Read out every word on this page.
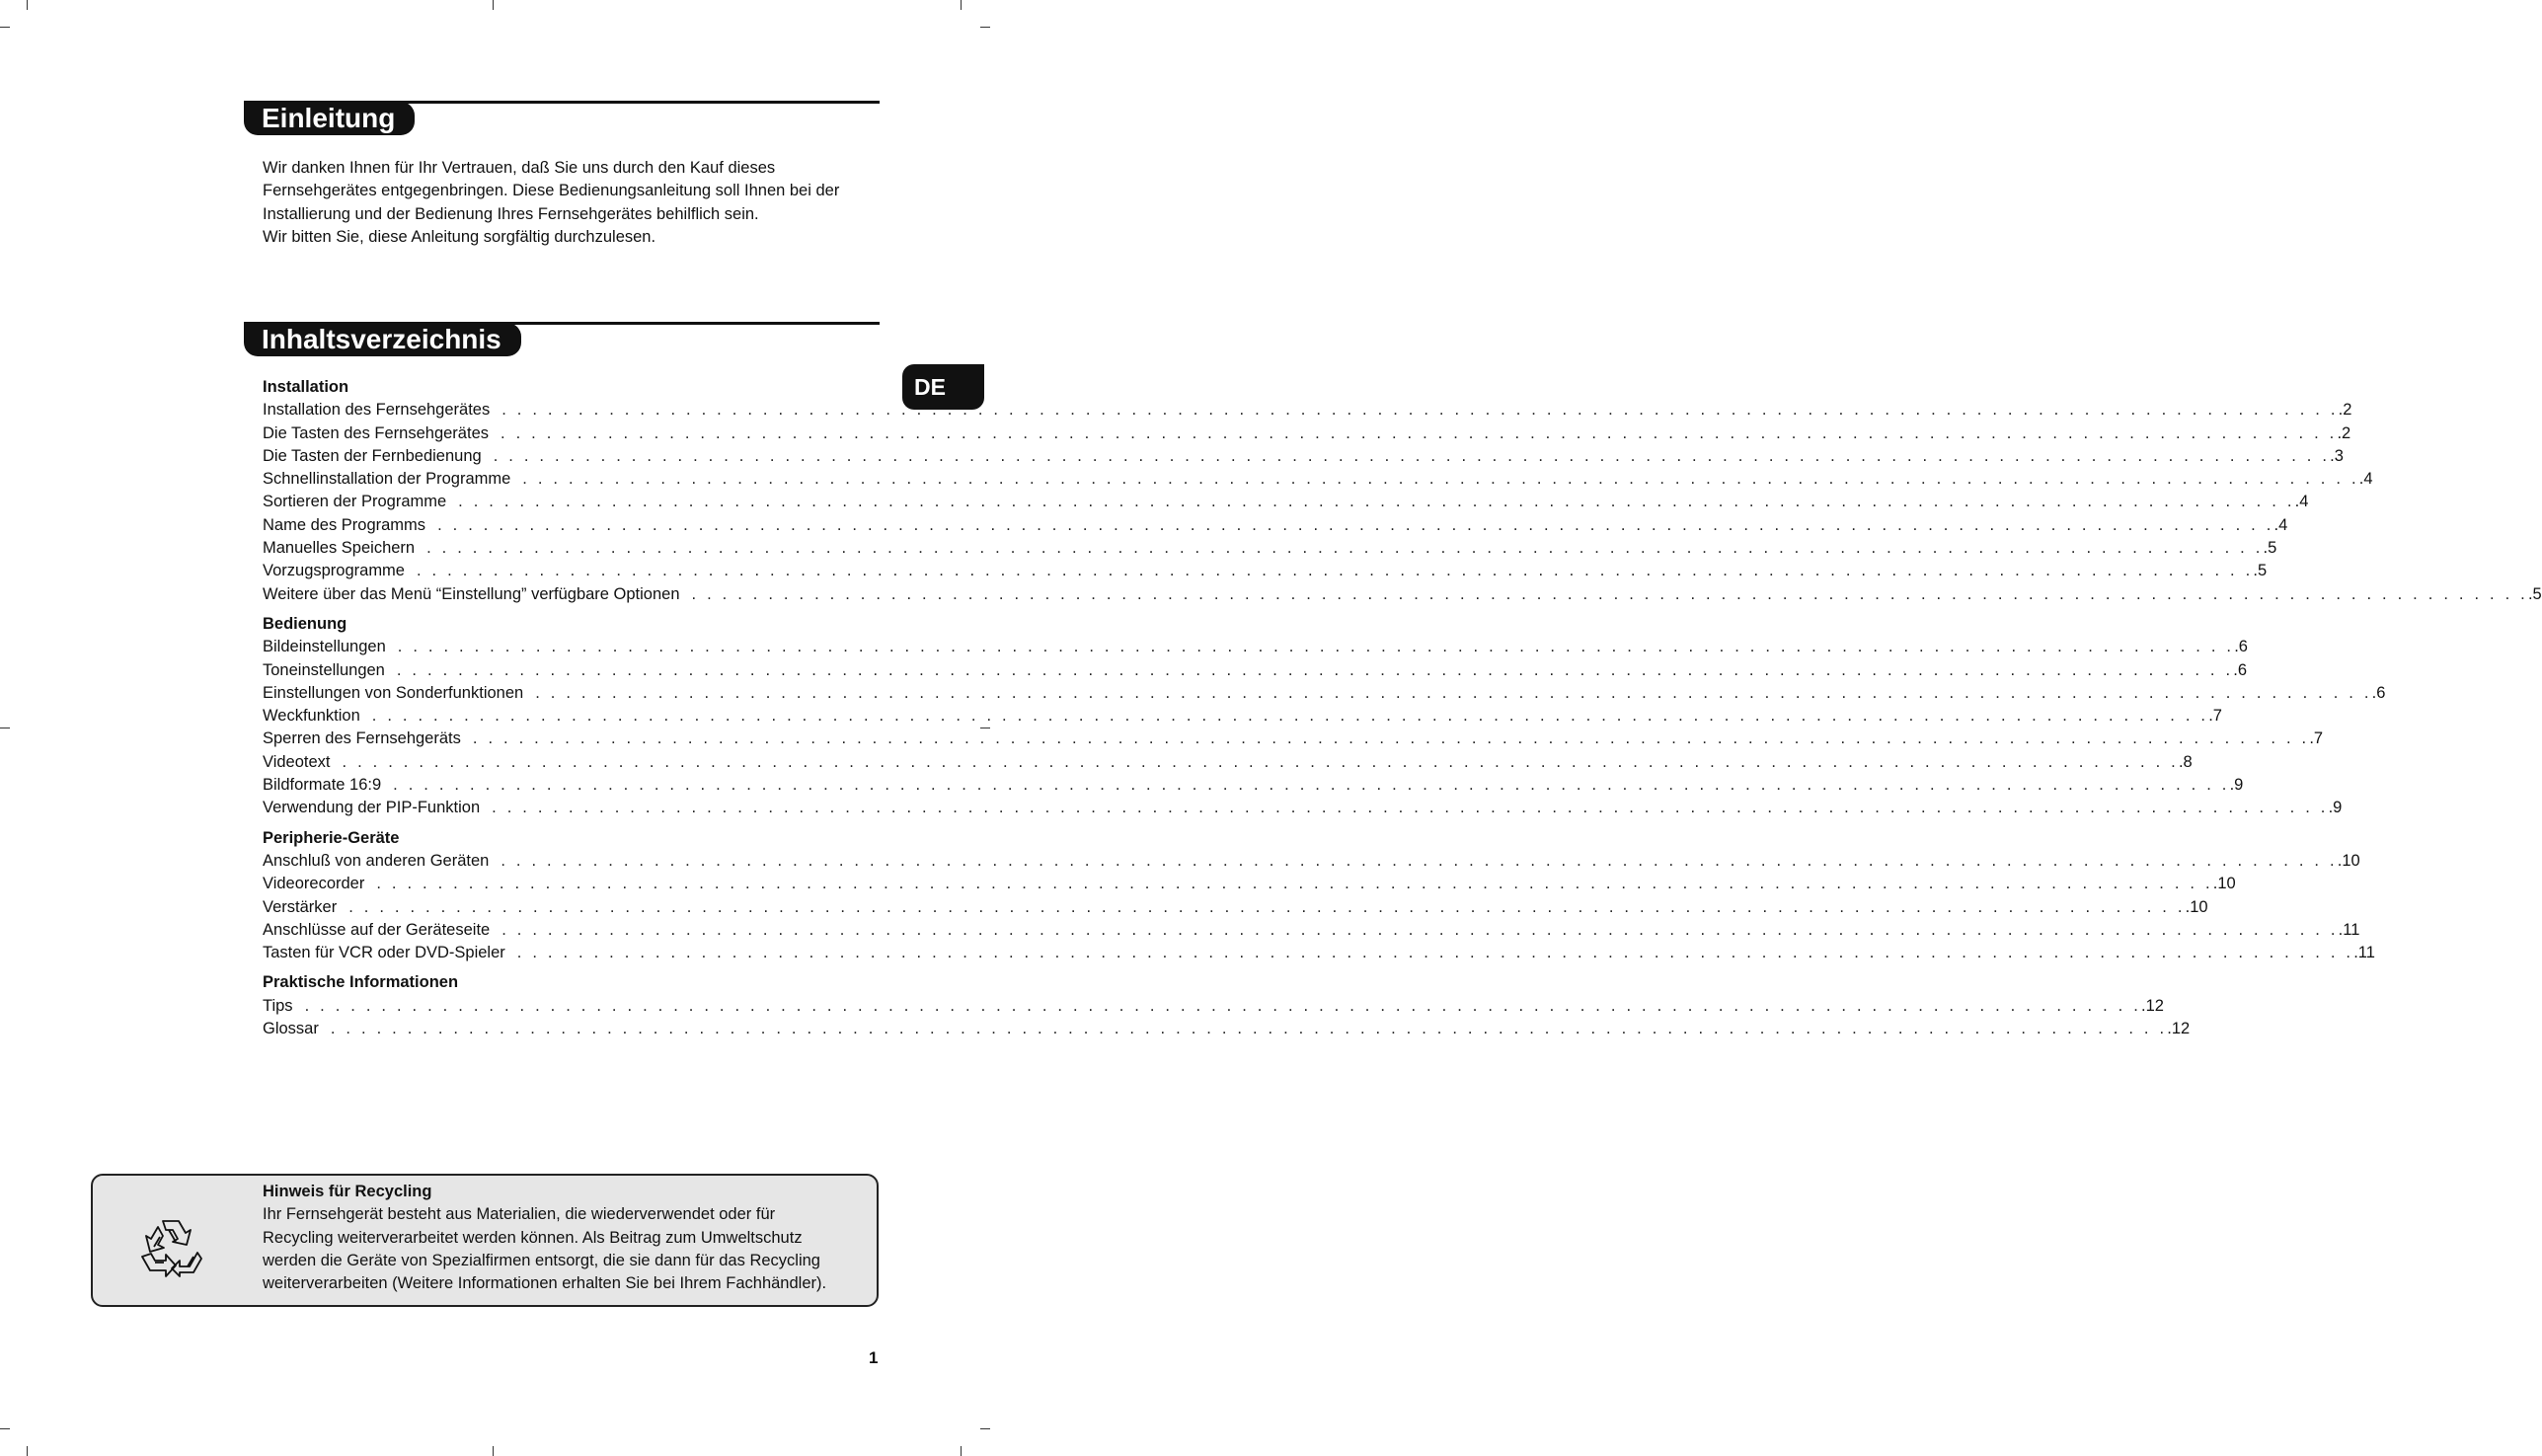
Einleitung
Wir danken Ihnen für Ihr Vertrauen, daß Sie uns durch den Kauf dieses
Fernsehgerätes entgegenbringen. Diese Bedienungsanleitung soll Ihnen bei der
Installierung und der Bedienung Ihres Fernsehgerätes behilflich sein.
Wir bitten Sie, diese Anleitung sorgfältig durchzulesen.
Inhaltsverzeichnis
DE
Installation
Installation des Fernsehgerätes . . . . . . . . . . . . . . . . . . . . . . . . . . . . . . . . . . . . . . . . . . . . . . . . . . . . . . . . . . . . . . . . . . . . . . . . . . . . . . . . . . . . . . . . . . . . . . . . . . . . . . . . . . . . . . . . . . . . . . . . .2
Die Tasten des Fernsehgerätes . . . . . . . . . . . . . . . . . . . . . . . . . . . . . . . . . . . . . . . . . . . . . . . . . . . . . . . . . . . . . . . . . . . . . . . . . . . . . . . . . . . . . . . . . . . . . . . . . . . . . . . . . . . . . . . . . . . . . . . . .2
Die Tasten der Fernbedienung . . . . . . . . . . . . . . . . . . . . . . . . . . . . . . . . . . . . . . . . . . . . . . . . . . . . . . . . . . . . . . . . . . . . . . . . . . . . . . . . . . . . . . . . . . . . . . . . . . . . . . . . . . . . . . . . . . . . . . . . .3
Schnellinstallation der Programme . . . . . . . . . . . . . . . . . . . . . . . . . . . . . . . . . . . . . . . . . . . . . . . . . . . . . . . . . . . . . . . . . . . . . . . . . . . . . . . . . . . . . . . . . . . . . . . . . . . . . . . . . . . . . . . . . . . . . . . . .4
Sortieren der Programme . . . . . . . . . . . . . . . . . . . . . . . . . . . . . . . . . . . . . . . . . . . . . . . . . . . . . . . . . . . . . . . . . . . . . . . . . . . . . . . . . . . . . . . . . . . . . . . . . . . . . . . . . . . . . . . . . . . . . . . . .4
Name des Programms . . . . . . . . . . . . . . . . . . . . . . . . . . . . . . . . . . . . . . . . . . . . . . . . . . . . . . . . . . . . . . . . . . . . . . . . . . . . . . . . . . . . . . . . . . . . . . . . . . . . . . . . . . . . . . . . . . . . . . . . .4
Manuelles Speichern . . . . . . . . . . . . . . . . . . . . . . . . . . . . . . . . . . . . . . . . . . . . . . . . . . . . . . . . . . . . . . . . . . . . . . . . . . . . . . . . . . . . . . . . . . . . . . . . . . . . . . . . . . . . . . . . . . . . . . . . .5
Vorzugsprogramme . . . . . . . . . . . . . . . . . . . . . . . . . . . . . . . . . . . . . . . . . . . . . . . . . . . . . . . . . . . . . . . . . . . . . . . . . . . . . . . . . . . . . . . . . . . . . . . . . . . . . . . . . . . . . . . . . . . . . . . . .5
Weitere über das Menü “Einstellung” verfügbare Optionen . . . . . . . . . . . . . . . . . . . . . . . . . . . . . . . . . . . . . . . . . . . . . . . . . . . . . . . . . . . . . . . . . . . . . . . . . . . . . . . . . . . . . . . . . . . . . . . . . . . . . . . . . . . . . . . . . . . . . . . . .5
Bedienung
Bildeinstellungen . . . . . . . . . . . . . . . . . . . . . . . . . . . . . . . . . . . . . . . . . . . . . . . . . . . . . . . . . . . . . . . . . . . . . . . . . . . . . . . . . . . . . . . . . . . . . . . . . . . . . . . . . . . . . . . . . . . . . . . . .6
Toneinstellungen . . . . . . . . . . . . . . . . . . . . . . . . . . . . . . . . . . . . . . . . . . . . . . . . . . . . . . . . . . . . . . . . . . . . . . . . . . . . . . . . . . . . . . . . . . . . . . . . . . . . . . . . . . . . . . . . . . . . . . . . .6
Einstellungen von Sonderfunktionen . . . . . . . . . . . . . . . . . . . . . . . . . . . . . . . . . . . . . . . . . . . . . . . . . . . . . . . . . . . . . . . . . . . . . . . . . . . . . . . . . . . . . . . . . . . . . . . . . . . . . . . . . . . . . . . . . . . . . . . . .6
Weckfunktion . . . . . . . . . . . . . . . . . . . . . . . . . . . . . . . . . . . . . . . . . . . . . . . . . . . . . . . . . . . . . . . . . . . . . . . . . . . . . . . . . . . . . . . . . . . . . . . . . . . . . . . . . . . . . . . . . . . . . . . . .7
Sperren des Fernsehgeräts . . . . . . . . . . . . . . . . . . . . . . . . . . . . . . . . . . . . . . . . . . . . . . . . . . . . . . . . . . . . . . . . . . . . . . . . . . . . . . . . . . . . . . . . . . . . . . . . . . . . . . . . . . . . . . . . . . . . . . . . .7
Videotext . . . . . . . . . . . . . . . . . . . . . . . . . . . . . . . . . . . . . . . . . . . . . . . . . . . . . . . . . . . . . . . . . . . . . . . . . . . . . . . . . . . . . . . . . . . . . . . . . . . . . . . . . . . . . . . . . . . . . . . . .8
Bildformate 16:9 . . . . . . . . . . . . . . . . . . . . . . . . . . . . . . . . . . . . . . . . . . . . . . . . . . . . . . . . . . . . . . . . . . . . . . . . . . . . . . . . . . . . . . . . . . . . . . . . . . . . . . . . . . . . . . . . . . . . . . . . .9
Verwendung der PIP-Funktion . . . . . . . . . . . . . . . . . . . . . . . . . . . . . . . . . . . . . . . . . . . . . . . . . . . . . . . . . . . . . . . . . . . . . . . . . . . . . . . . . . . . . . . . . . . . . . . . . . . . . . . . . . . . . . . . . . . . . . . . .9
Peripherie-Geräte
Anschluß von anderen Geräten . . . . . . . . . . . . . . . . . . . . . . . . . . . . . . . . . . . . . . . . . . . . . . . . . . . . . . . . . . . . . . . . . . . . . . . . . . . . . . . . . . . . . . . . . . . . . . . . . . . . . . . . . . . . . . . . . . . . . . . . .10
Videorecorder . . . . . . . . . . . . . . . . . . . . . . . . . . . . . . . . . . . . . . . . . . . . . . . . . . . . . . . . . . . . . . . . . . . . . . . . . . . . . . . . . . . . . . . . . . . . . . . . . . . . . . . . . . . . . . . . . . . . . . . . .10
Verstärker . . . . . . . . . . . . . . . . . . . . . . . . . . . . . . . . . . . . . . . . . . . . . . . . . . . . . . . . . . . . . . . . . . . . . . . . . . . . . . . . . . . . . . . . . . . . . . . . . . . . . . . . . . . . . . . . . . . . . . . . .10
Anschlüsse auf der Geräteseite . . . . . . . . . . . . . . . . . . . . . . . . . . . . . . . . . . . . . . . . . . . . . . . . . . . . . . . . . . . . . . . . . . . . . . . . . . . . . . . . . . . . . . . . . . . . . . . . . . . . . . . . . . . . . . . . . . . . . . . . .11
Tasten für VCR oder DVD-Spieler . . . . . . . . . . . . . . . . . . . . . . . . . . . . . . . . . . . . . . . . . . . . . . . . . . . . . . . . . . . . . . . . . . . . . . . . . . . . . . . . . . . . . . . . . . . . . . . . . . . . . . . . . . . . . . . . . . . . . . . . .11
Praktische Informationen
Tips . . . . . . . . . . . . . . . . . . . . . . . . . . . . . . . . . . . . . . . . . . . . . . . . . . . . . . . . . . . . . . . . . . . . . . . . . . . . . . . . . . . . . . . . . . . . . . . . . . . . . . . . . . . . . . . . . . . . . . . . .12
Glossar . . . . . . . . . . . . . . . . . . . . . . . . . . . . . . . . . . . . . . . . . . . . . . . . . . . . . . . . . . . . . . . . . . . . . . . . . . . . . . . . . . . . . . . . . . . . . . . . . . . . . . . . . . . . . . . . . . . . . . . . .12
Hinweis für Recycling
Ihr Fernsehgerät besteht aus Materialien, die wiederverwendet oder für
Recycling weiterverarbeitet werden können. Als Beitrag zum Umweltschutz
werden die Geräte von Spezialfirmen entsorgt, die sie dann für das Recycling
weiterverarbeiten (Weitere Informationen erhalten Sie bei Ihrem Fachhändler).
1
